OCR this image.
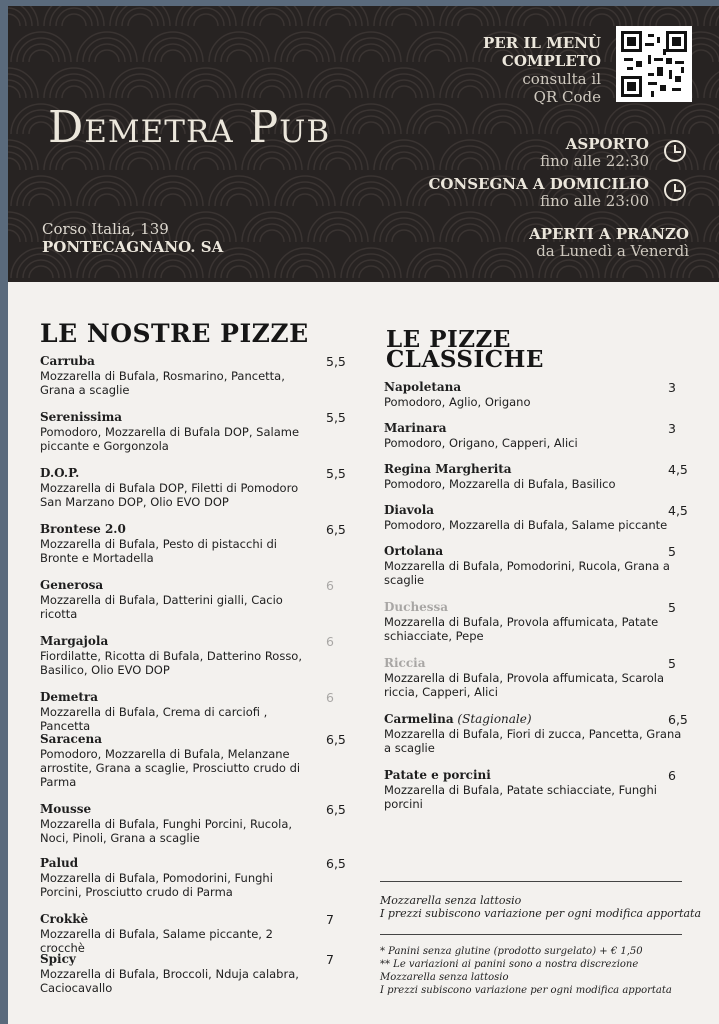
Demetra Pub
Corso Italia, 139
PONTECAGNANO. SA
PER IL MENÙ
COMPLETO
consulta il
QR Code
ASPORTO
fino alle 22:30
CONSEGNA A DOMICILIO
fino alle 23:00
APERTI A PRANZO
da Lunedì a Venerdì
LE NOSTRE PIZZE
Carruba
Mozzarella di Bufala, Rosmarino, Pancetta, Grana a scaglie
5,5
Serenissima
Pomodoro, Mozzarella di Bufala DOP, Salame piccante e Gorgonzola
5,5
D.O.P.
Mozzarella di Bufala DOP, Filetti di Pomodoro San Marzano DOP, Olio EVO DOP
5,5
Brontese 2.0
Mozzarella di Bufala, Pesto di pistacchi di Bronte e Mortadella
6,5
Generosa
Mozzarella di Bufala, Datterini gialli, Cacio ricotta
6
Margajola
Fiordilatte, Ricotta di Bufala, Datterino Rosso, Basilico, Olio EVO DOP
6
Demetra
Mozzarella di Bufala, Crema di carciofi , Pancetta
6
Saracena
Pomodoro, Mozzarella di Bufala, Melanzane arrostite, Grana a scaglie, Prosciutto crudo di Parma
6,5
Mousse
Mozzarella di Bufala, Funghi Porcini, Rucola, Noci, Pinoli, Grana a scaglie
6,5
Palud
Mozzarella di Bufala, Pomodorini, Funghi Porcini, Prosciutto crudo di Parma
6,5
Crokkè
Mozzarella di Bufala, Salame piccante, 2 crocchè
7
Spicy
Mozzarella di Bufala, Broccoli, Nduja calabra, Caciocavallo
7
LE PIZZE
CLASSICHE
Napoletana
Pomodoro, Aglio, Origano
3
Marinara
Pomodoro, Origano, Capperi, Alici
3
Regina Margherita
Pomodoro, Mozzarella di Bufala, Basilico
4,5
Diavola
Pomodoro, Mozzarella di Bufala, Salame piccante
4,5
Ortolana
Mozzarella di Bufala, Pomodorini, Rucola, Grana a scaglie
5
Duchessa
Mozzarella di Bufala, Provola affumicata, Patate schiacciate, Pepe
5
Riccia
Mozzarella di Bufala, Provola affumicata, Scarola riccia, Capperi, Alici
5
Carmelina (Stagionale)
Mozzarella di Bufala, Fiori di zucca, Pancetta, Grana a scaglie
6,5
Patate e porcini
Mozzarella di Bufala, Patate schiacciate, Funghi porcini
6
Mozzarella senza lattosio
I prezzi subiscono variazione per ogni modifica apportata
* Panini senza glutine (prodotto surgelato) + € 1,50
** Le variazioni ai panini sono a nostra discrezione
Mozzarella senza lattosio
I prezzi subiscono variazione per ogni modifica apportata
